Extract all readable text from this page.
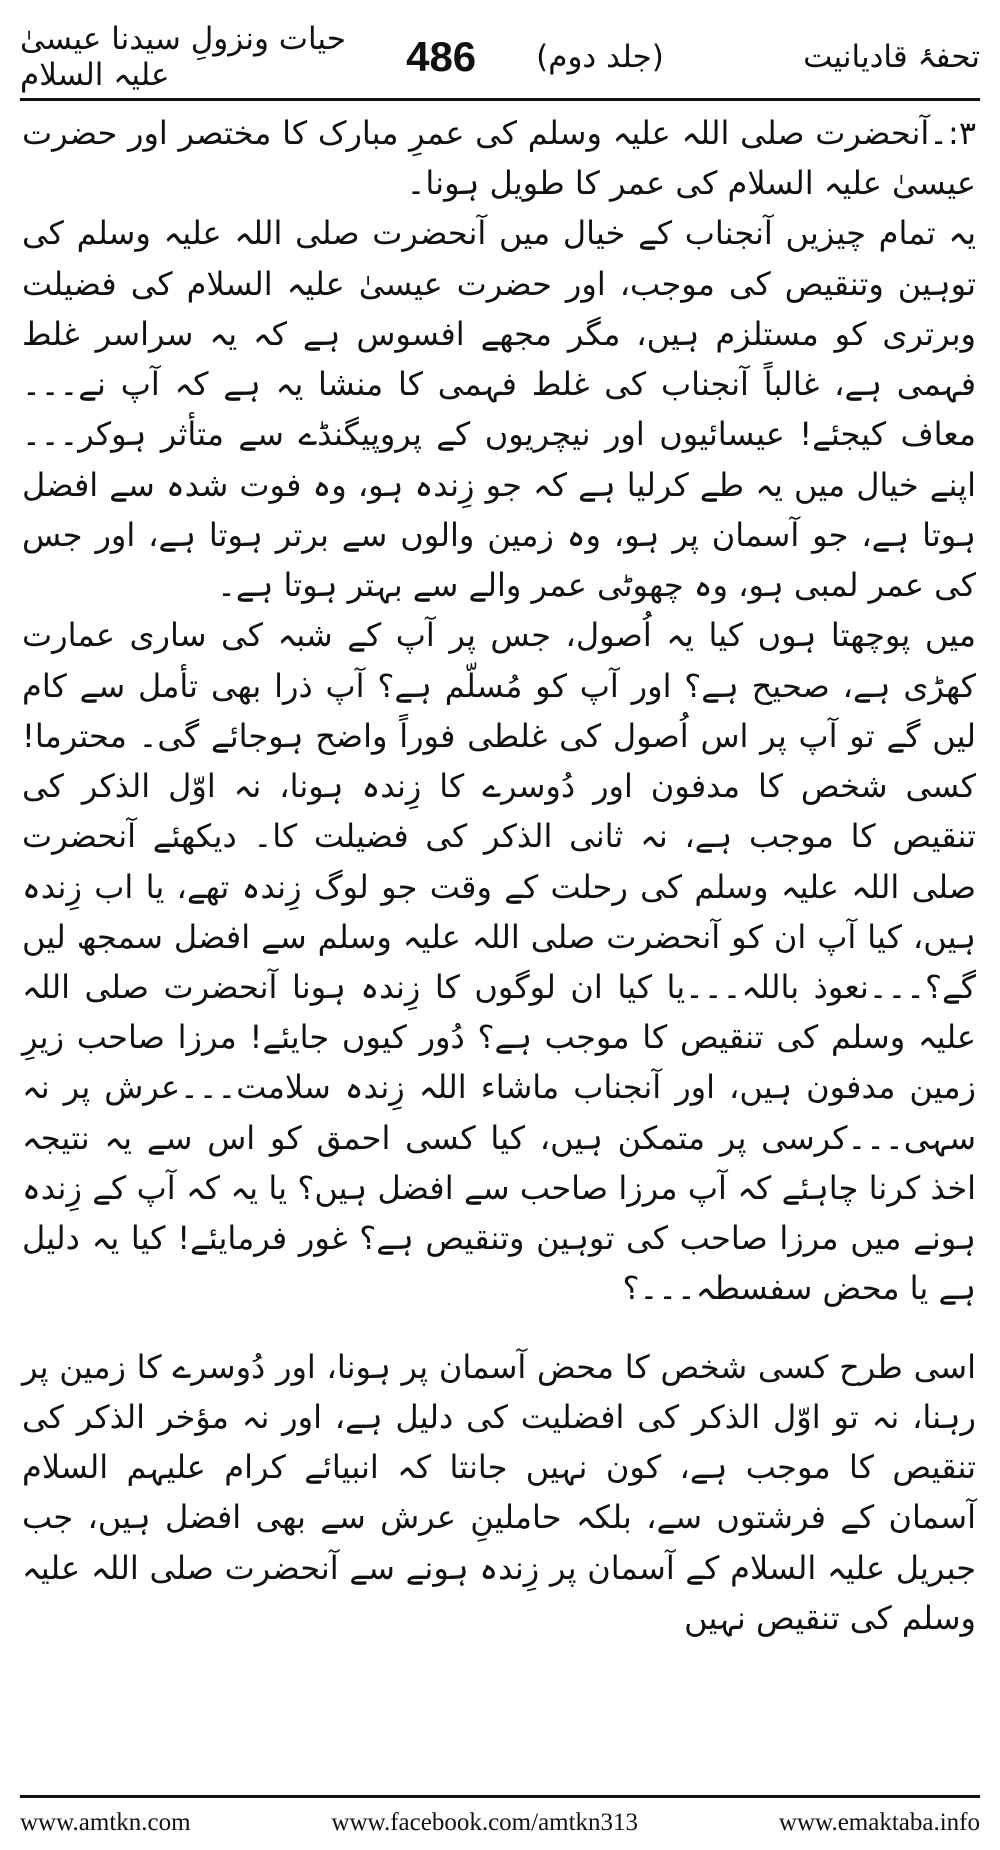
حیات ونزولِ سیدنا عیسیٰ علیہ السلام	486 (جلد دوم)	تحفۂ قادیانیت

۳:۔آنحضرت صلی اللہ علیہ وسلم کی عمرِ مبارک کا مختصر اور حضرت عیسیٰ علیہ السلام کی عمر کا طویل ہونا۔

یہ تمام چیزیں آنجناب کے خیال میں آنحضرت صلی اللہ علیہ وسلم کی توہین وتنقیص کی موجب، اور حضرت عیسیٰ علیہ السلام کی فضیلت وبرتری کو مستلزم ہیں، مگر مجھے افسوس ہے کہ یہ سراسر غلط فہمی ہے، غالباً آنجناب کی غلط فہمی کا منشا یہ ہے کہ آپ نے۔۔۔معاف کیجئے! عیسائیوں اور نیچریوں کے پروپیگنڈے سے متأثر ہوکر۔۔۔اپنے خیال میں یہ طے کرلیا ہے کہ جو زِندہ ہو، وہ فوت شدہ سے افضل ہوتا ہے، جو آسمان پر ہو، وہ زمین والوں سے برتر ہوتا ہے، اور جس کی عمر لمبی ہو، وہ چھوٹی عمر والے سے بہتر ہوتا ہے۔

میں پوچھتا ہوں کیا یہ اُصول، جس پر آپ کے شبہ کی ساری عمارت کھڑی ہے، صحیح ہے؟ اور آپ کو مُسلّم ہے؟ آپ ذرا بھی تأمل سے کام لیں گے تو آپ پر اس اُصول کی غلطی فوراً واضح ہوجائے گی۔ محترما! کسی شخص کا مدفون اور دُوسرے کا زِندہ ہونا، نہ اوّل الذکر کی تنقیص کا موجب ہے، نہ ثانی الذکر کی فضیلت کا۔ دیکھئے آنحضرت صلی اللہ علیہ وسلم کی رحلت کے وقت جو لوگ زِندہ تھے، یا اب زِندہ ہیں، کیا آپ ان کو آنحضرت صلی اللہ علیہ وسلم سے افضل سمجھ لیں گے؟۔۔۔نعوذ باللہ۔۔۔یا کیا ان لوگوں کا زِندہ ہونا آنحضرت صلی اللہ علیہ وسلم کی تنقیص کا موجب ہے؟ دُور کیوں جایئے! مرزا صاحب زیرِ زمین مدفون ہیں، اور آنجناب ماشاء اللہ زِندہ سلامت۔۔۔عرش پر نہ سہی۔۔۔کرسی پر متمکن ہیں، کیا کسی احمق کو اس سے یہ نتیجہ اخذ کرنا چاہئے کہ آپ مرزا صاحب سے افضل ہیں؟ یا یہ کہ آپ کے زِندہ ہونے میں مرزا صاحب کی توہین وتنقیص ہے؟ غور فرمایئے! کیا یہ دلیل ہے یا محض سفسطہ۔۔۔؟

اسی طرح کسی شخص کا محض آسمان پر ہونا، اور دُوسرے کا زمین پر رہنا، نہ تو اوّل الذکر کی افضلیت کی دلیل ہے، اور نہ مؤخر الذکر کی تنقیص کا موجب ہے، کون نہیں جانتا کہ انبیائے کرام علیہم السلام آسمان کے فرشتوں سے، بلکہ حاملینِ عرش سے بھی افضل ہیں، جب جبریل علیہ السلام کے آسمان پر زِندہ ہونے سے آنحضرت صلی اللہ علیہ وسلم کی تنقیص نہیں

www.amtkn.com	www.facebook.com/amtkn313	www.emaktaba.info
